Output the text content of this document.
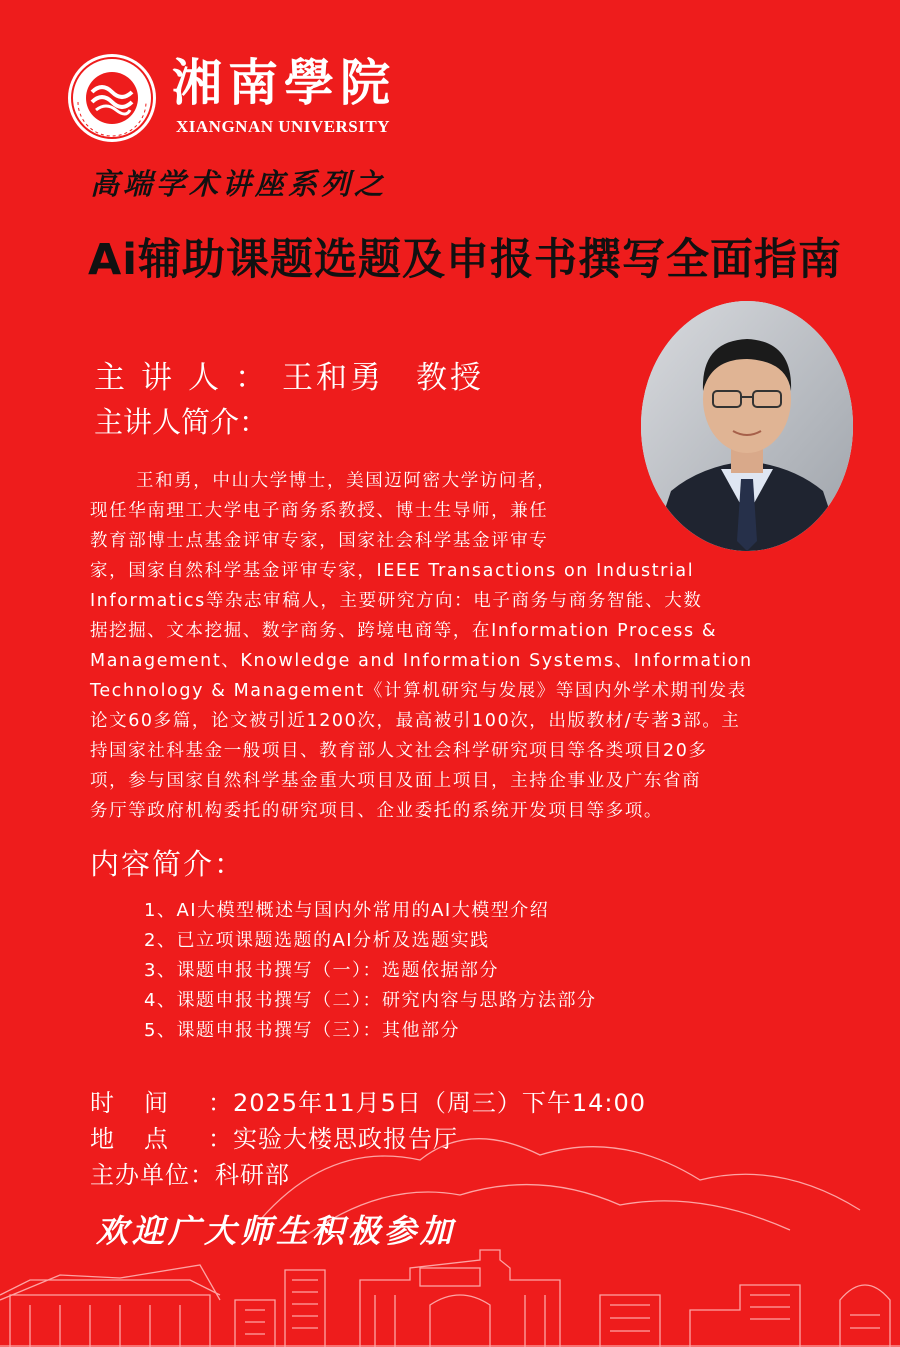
湘南學院
XIANGNAN UNIVERSITY
高端学术讲座系列之
Ai辅助课题选题及申报书撰写全面指南
主讲人：王和勇 教授
主讲人简介：
王和勇，中山大学博士，美国迈阿密大学访问者，
现任华南理工大学电子商务系教授、博士生导师，兼任
教育部博士点基金评审专家，国家社会科学基金评审专
家，国家自然科学基金评审专家，IEEE Transactions on Industrial
Informatics等杂志审稿人，主要研究方向：电子商务与商务智能、大数
据挖掘、文本挖掘、数字商务、跨境电商等，在Information Process &
Management、Knowledge and Information Systems、Information
Technology & Management《计算机研究与发展》等国内外学术期刊发表
论文60多篇，论文被引近1200次，最高被引100次，出版教材/专著3部。主
持国家社科基金一般项目、教育部人文社会科学研究项目等各类项目20多
项，参与国家自然科学基金重大项目及面上项目，主持企事业及广东省商
务厅等政府机构委托的研究项目、企业委托的系统开发项目等多项。
内容简介：
1、AI大模型概述与国内外常用的AI大模型介绍
2、已立项课题选题的AI分析及选题实践
3、课题申报书撰写（一）：选题依据部分
4、课题申报书撰写（二）：研究内容与思路方法部分
5、课题申报书撰写（三）：其他部分
时间 ：2025年11月5日（周三）下午14:00
地点 ：实验大楼思政报告厅
主办单位：科研部
欢迎广大师生积极参加
